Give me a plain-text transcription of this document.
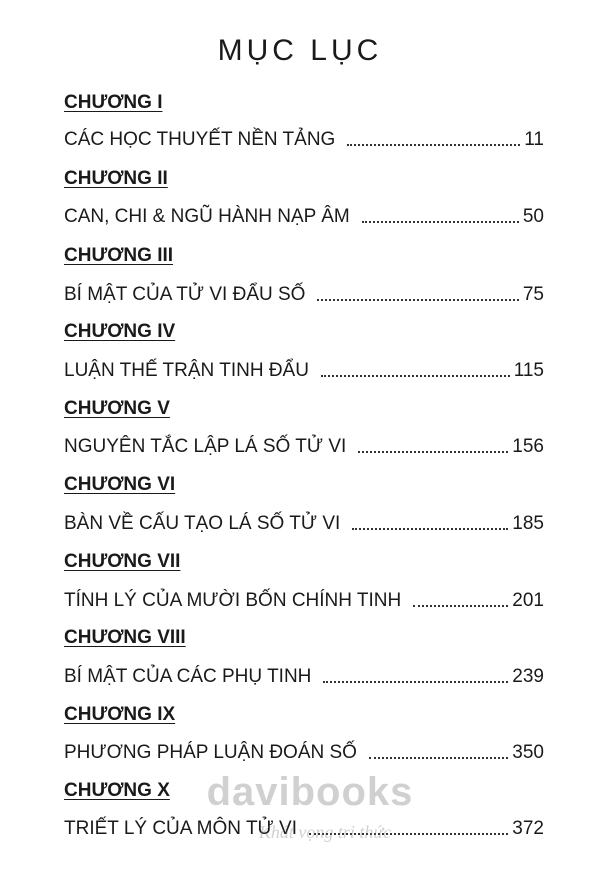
MỤC LỤC
CHƯƠNG I
CÁC HỌC THUYẾT NỀN TẢNG	11
CHƯƠNG II
CAN, CHI & NGŨ HÀNH NẠP ÂM	50
CHƯƠNG III
BÍ MẬT CỦA TỬ VI ĐẨU SỐ	75
CHƯƠNG IV
LUẬN THẾ TRẬN TINH ĐẨU	115
CHƯƠNG V
NGUYÊN TẮC LẬP LÁ SỐ TỬ VI	156
CHƯƠNG VI
BÀN VỀ CẤU TẠO LÁ SỐ TỬ VI	185
CHƯƠNG VII
TÍNH LÝ CỦA MƯỜI BỐN CHÍNH TINH	201
CHƯƠNG VIII
BÍ MẬT CỦA CÁC PHỤ TINH	239
CHƯƠNG IX
PHƯƠNG PHÁP LUẬN ĐOÁN SỐ	350
CHƯƠNG X
TRIẾT LÝ CỦA MÔN TỬ VI	372
davibooks
Khát vọng tri thức
